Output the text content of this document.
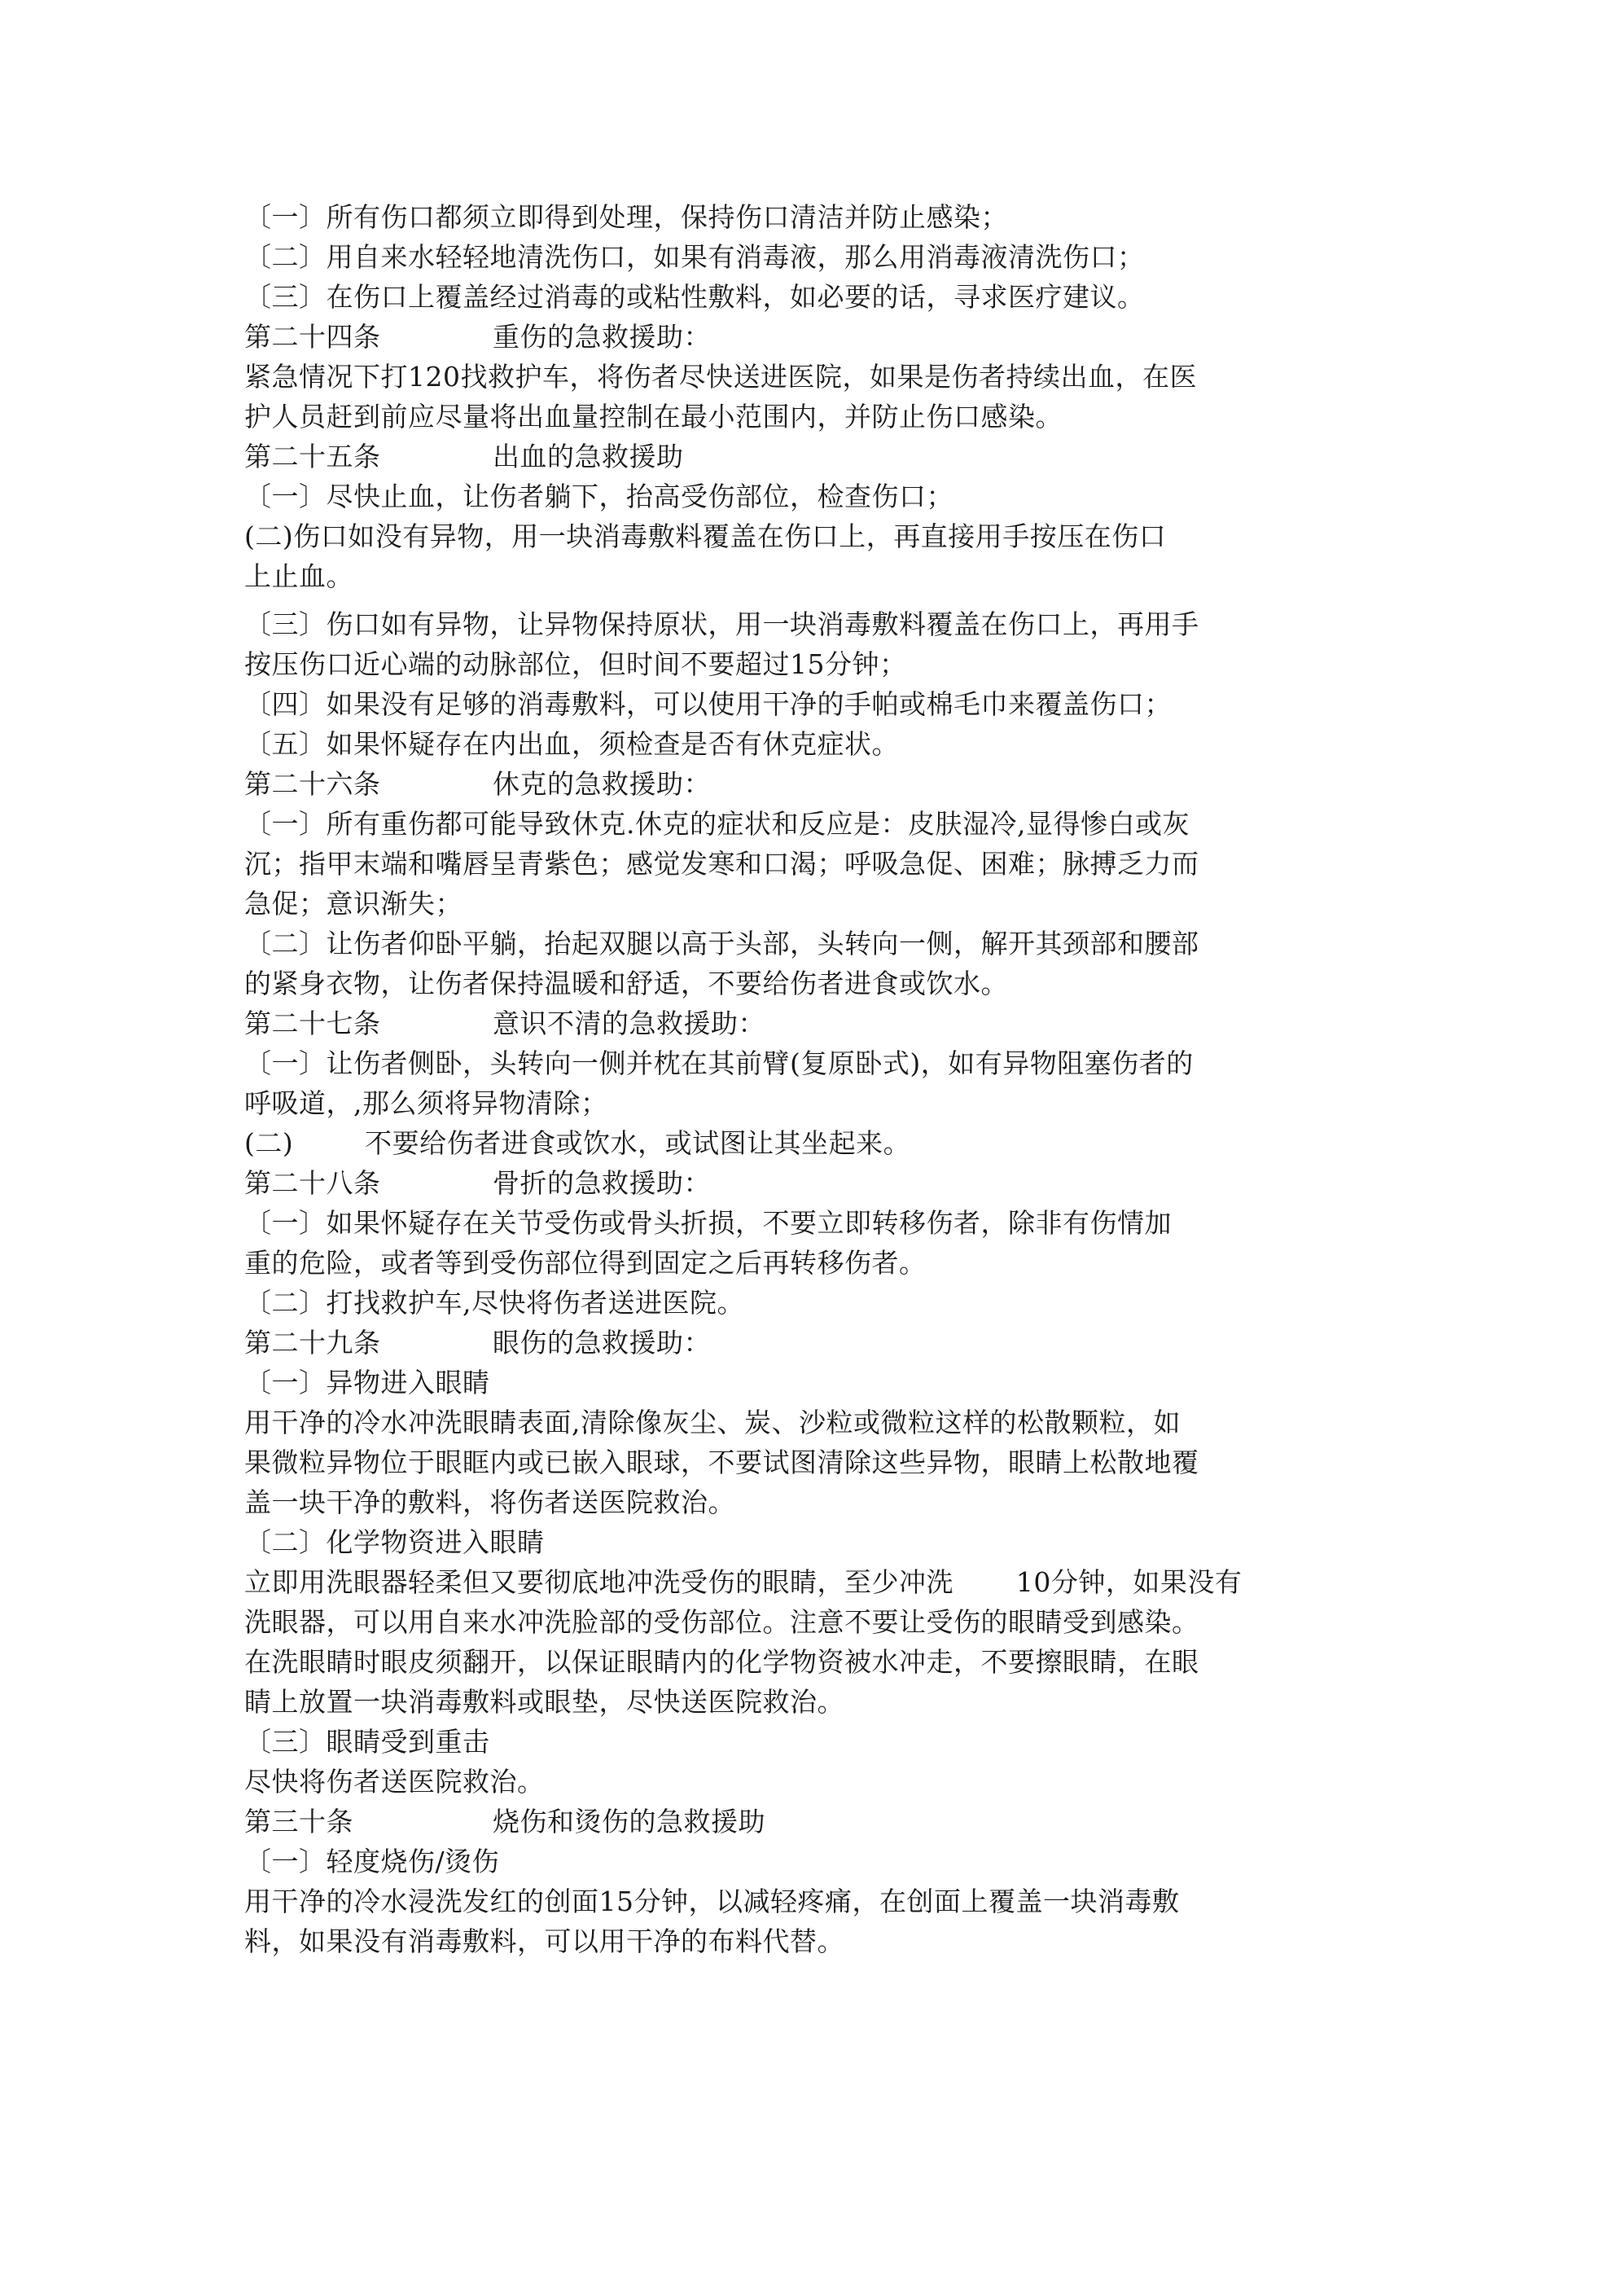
〔一〕所有伤口都须立即得到处理，保持伤口清洁并防止感染；
〔二〕用自来水轻轻地清洗伤口，如果有消毒液，那么用消毒液清洗伤口；
〔三〕在伤口上覆盖经过消毒的或粘性敷料，如必要的话，寻求医疗建议。
第二十四条	重伤的急救援助：
紧急情况下打120找救护车，将伤者尽快送进医院，如果是伤者持续出血，在医
护人员赶到前应尽量将出血量控制在最小范围内，并防止伤口感染。
第二十五条	出血的急救援助
〔一〕尽快止血，让伤者躺下，抬高受伤部位，检查伤口；
(二)伤口如没有异物，用一块消毒敷料覆盖在伤口上，再直接用手按压在伤口
上止血。
〔三〕伤口如有异物，让异物保持原状，用一块消毒敷料覆盖在伤口上，再用手
按压伤口近心端的动脉部位，但时间不要超过15分钟；
〔四〕如果没有足够的消毒敷料，可以使用干净的手帕或棉毛巾来覆盖伤口；
〔五〕如果怀疑存在内出血，须检查是否有休克症状。
第二十六条	休克的急救援助：
〔一〕所有重伤都可能导致休克.休克的症状和反应是：皮肤湿冷,显得惨白或灰
沉；指甲末端和嘴唇呈青紫色；感觉发寒和口渴；呼吸急促、困难；脉搏乏力而
急促；意识渐失；
〔二〕让伤者仰卧平躺，抬起双腿以高于头部，头转向一侧，解开其颈部和腰部
的紧身衣物，让伤者保持温暖和舒适，不要给伤者进食或饮水。
第二十七条	意识不清的急救援助：
〔一〕让伤者侧卧，头转向一侧并枕在其前臂(复原卧式)，如有异物阻塞伤者的
呼吸道，,那么须将异物清除；
(二)        不要给伤者进食或饮水，或试图让其坐起来。
第二十八条	骨折的急救援助：
〔一〕如果怀疑存在关节受伤或骨头折损，不要立即转移伤者，除非有伤情加
重的危险，或者等到受伤部位得到固定之后再转移伤者。
〔二〕打找救护车,尽快将伤者送进医院。
第二十九条	眼伤的急救援助：
〔一〕异物进入眼睛
用干净的冷水冲洗眼睛表面,清除像灰尘、炭、沙粒或微粒这样的松散颗粒，如
果微粒异物位于眼眶内或已嵌入眼球，不要试图清除这些异物，眼睛上松散地覆
盖一块干净的敷料，将伤者送医院救治。
〔二〕化学物资进入眼睛
立即用洗眼器轻柔但又要彻底地冲洗受伤的眼睛，至少冲洗       10分钟，如果没有
洗眼器，可以用自来水冲洗脸部的受伤部位。注意不要让受伤的眼睛受到感染。
在洗眼睛时眼皮须翻开，以保证眼睛内的化学物资被水冲走，不要擦眼睛，在眼
睛上放置一块消毒敷料或眼垫，尽快送医院救治。
〔三〕眼睛受到重击
尽快将伤者送医院救治。
第三十条	烧伤和烫伤的急救援助
〔一〕轻度烧伤/烫伤
用干净的冷水浸洗发红的创面15分钟，以减轻疼痛，在创面上覆盖一块消毒敷
料，如果没有消毒敷料，可以用干净的布料代替。
